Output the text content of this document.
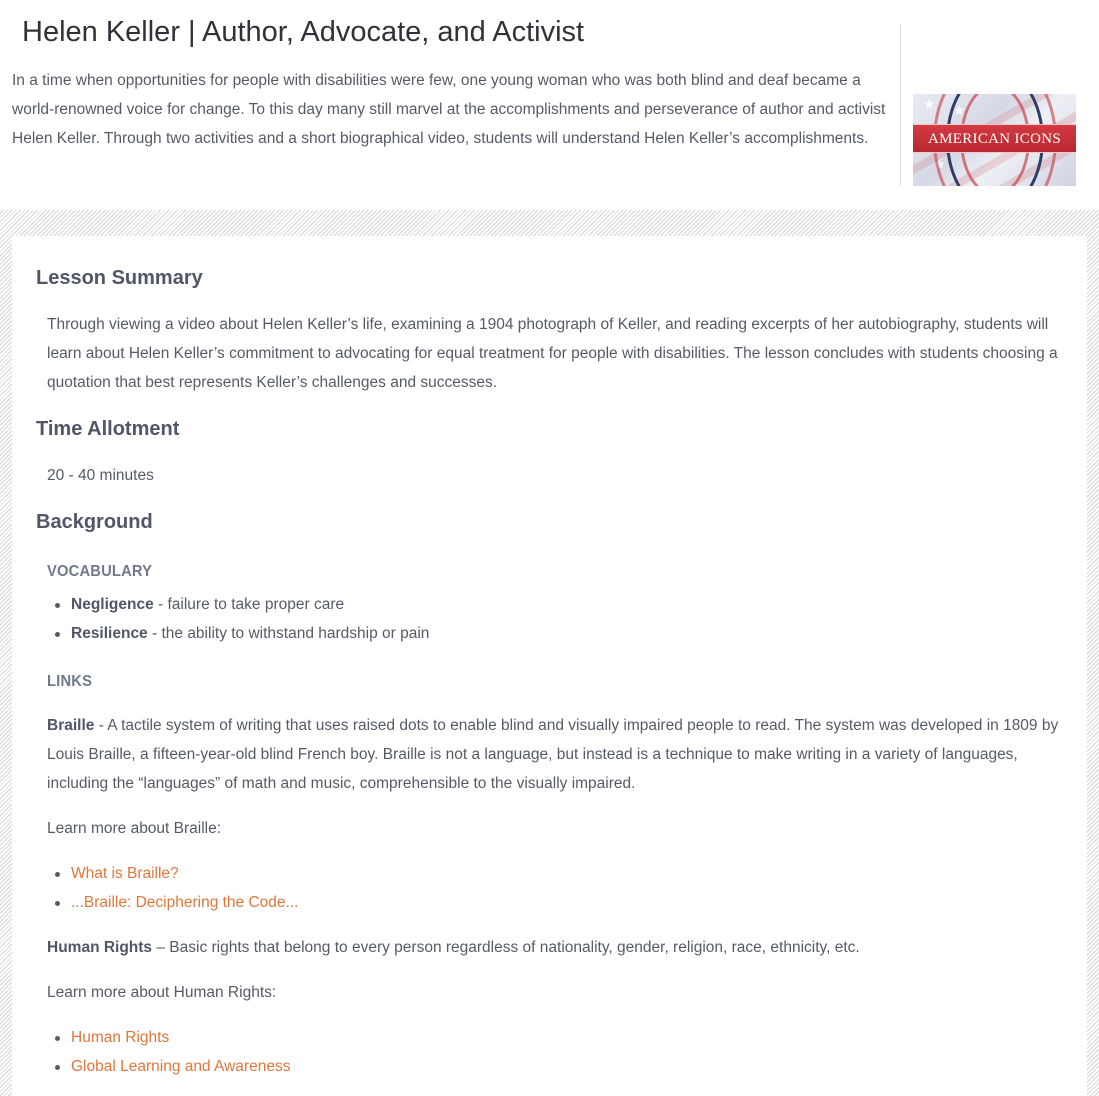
Helen Keller | Author, Advocate, and Activist

In a time when opportunities for people with disabilities were few, one young woman who was both blind and deaf became a world-renowned voice for change. To this day many still marvel at the accomplishments and perseverance of author and activist Helen Keller. Through two activities and a short biographical video, students will understand Helen Keller’s accomplishments.

★ ★
★
AMERICAN ICONS
Lesson Summary

Through viewing a video about Helen Keller’s life, examining a 1904 photograph of Keller, and reading excerpts of her autobiography, students will learn about Helen Keller’s commitment to advocating for equal treatment for people with disabilities. The lesson concludes with students choosing a quotation that best represents Keller’s challenges and successes.

Time Allotment

20 - 40 minutes

Background
VOCABULARY
Negligence - failure to take proper care
Resilience - the ability to withstand hardship or pain
LINKS

Braille - A tactile system of writing that uses raised dots to enable blind and visually impaired people to read. The system was developed in 1809 by Louis Braille, a fifteen-year-old blind French boy. Braille is not a language, but instead is a technique to make writing in a variety of languages, including the “languages” of math and music, comprehensible to the visually impaired.

Learn more about Braille:

What is Braille?
...Braille: Deciphering the Code...

Human Rights – Basic rights that belong to every person regardless of nationality, gender, religion, race, ethnicity, etc.

Learn more about Human Rights:

Human Rights
Global Learning and Awareness
